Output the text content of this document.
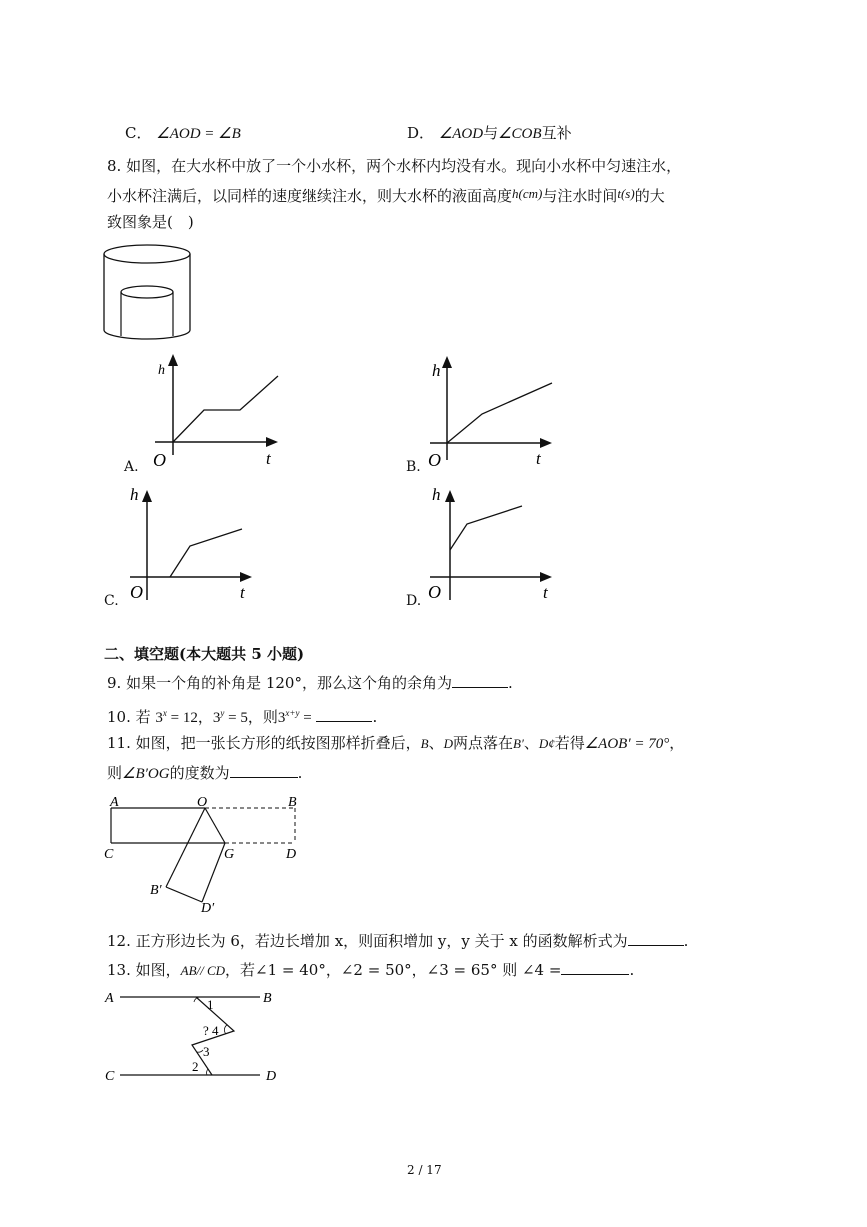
C． ∠AOD = ∠B	D． ∠AOD与∠COB互补
8. 如图，在大水杯中放了一个小水杯，两个水杯内均没有水。现向小水杯中匀速注水，
小水杯注满后，以同样的速度继续注水，则大水杯的液面高度h(cm)与注水时间t(s)的大
致图象是(　)
h
O	t
A.
h
O	t
B.
h
O	t
C.
h
O	t
D.
二、填空题(本大题共 5 小题)
9. 如果一个角的补角是 120°，那么这个角的余角为	.
10. 若 $3^x = 12$，$3^y = 5$，则$3^{x+y}$ =	.
11. 如图，把一张长方形的纸按图那样折叠后，B、D两点落在B′、D¢若得∠AOB′ = 70°，
则∠B′OG的度数为	.
A	O	B
C	G	D
B′
D′
12. 正方形边长为 6，若边长增加 x，则面积增加 y，y 关于 x 的函数解析式为	.
13. 如图，AB// CD，若∠1 = 40°，∠2 = 50°，∠3 = 65° 则 ∠4 =	.
A	B
C	D
1
? 4
3
2
2 / 17
